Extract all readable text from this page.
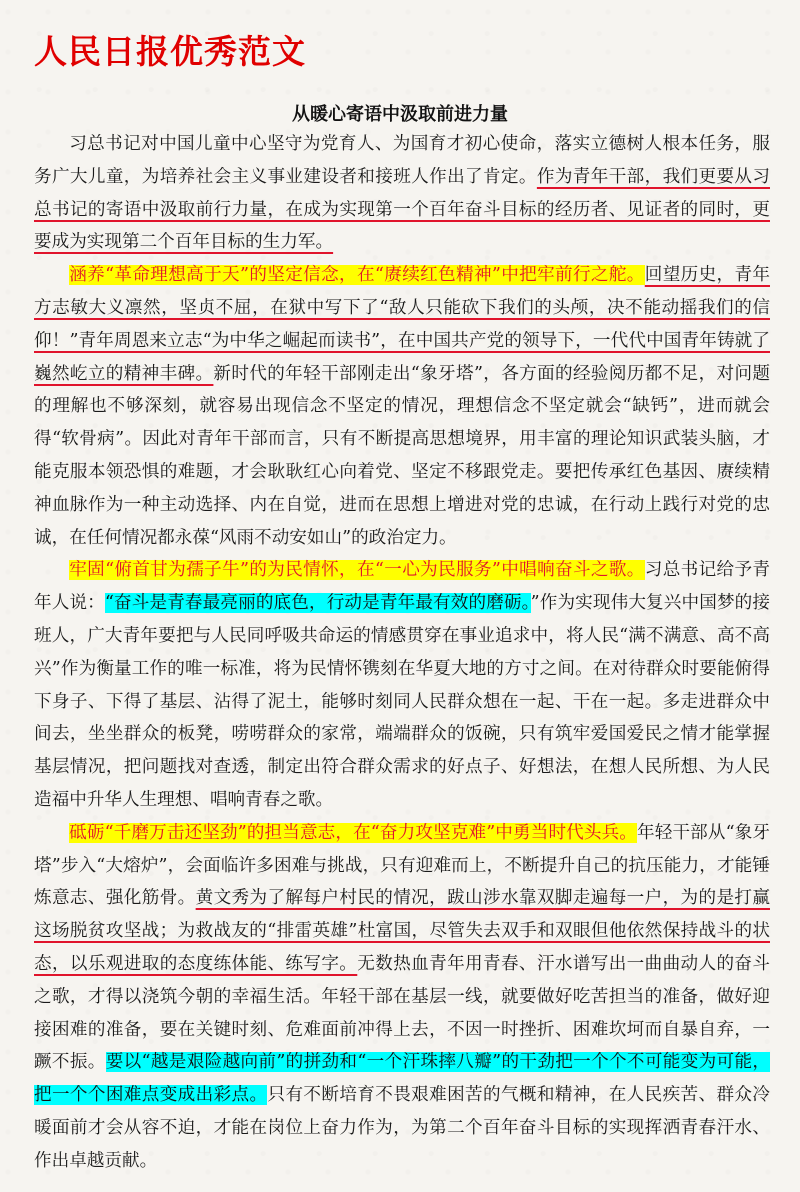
人民日报优秀范文
从暖心寄语中汲取前进力量

习总书记对中国儿童中心坚守为党育人、为国育才初心使命，落实立德树人根本任务，服务广大儿童，为培养社会主义事业建设者和接班人作出了肯定。作为青年干部，我们更要从习总书记的寄语中汲取前行力量，在成为实现第一个百年奋斗目标的经历者、见证者的同时，更要成为实现第二个百年目标的生力军。

涵养“革命理想高于天”的坚定信念，在“赓续红色精神”中把牢前行之舵。回望历史，青年方志敏大义凛然，坚贞不屈，在狱中写下了“敌人只能砍下我们的头颅，决不能动摇我们的信仰！”青年周恩来立志“为中华之崛起而读书”，在中国共产党的领导下，一代代中国青年铸就了巍然屹立的精神丰碑。新时代的年轻干部刚走出“象牙塔”，各方面的经验阅历都不足，对问题的理解也不够深刻，就容易出现信念不坚定的情况，理想信念不坚定就会“缺钙”，进而就会得“软骨病”。因此对青年干部而言，只有不断提高思想境界，用丰富的理论知识武装头脑，才能克服本领恐惧的难题，才会耿耿红心向着党、坚定不移跟党走。要把传承红色基因、赓续精神血脉作为一种主动选择、内在自觉，进而在思想上增进对党的忠诚，在行动上践行对党的忠诚，在任何情况都永葆“风雨不动安如山”的政治定力。

牢固“俯首甘为孺子牛”的为民情怀，在“一心为民服务”中唱响奋斗之歌。习总书记给予青年人说：“奋斗是青春最亮丽的底色，行动是青年最有效的磨砺。”作为实现伟大复兴中国梦的接班人，广大青年要把与人民同呼吸共命运的情感贯穿在事业追求中，将人民“满不满意、高不高兴”作为衡量工作的唯一标准，将为民情怀镌刻在华夏大地的方寸之间。在对待群众时要能俯得下身子、下得了基层、沾得了泥土，能够时刻同人民群众想在一起、干在一起。多走进群众中间去，坐坐群众的板凳，唠唠群众的家常，端端群众的饭碗，只有筑牢爱国爱民之情才能掌握基层情况，把问题找对查透，制定出符合群众需求的好点子、好想法，在想人民所想、为人民造福中升华人生理想、唱响青春之歌。

砥砺“千磨万击还坚劲”的担当意志，在“奋力攻坚克难”中勇当时代头兵。年轻干部从“象牙塔”步入“大熔炉”，会面临许多困难与挑战，只有迎难而上，不断提升自己的抗压能力，才能锤炼意志、强化筋骨。黄文秀为了解每户村民的情况，跋山涉水靠双脚走遍每一户，为的是打赢这场脱贫攻坚战；为救战友的“排雷英雄”杜富国，尽管失去双手和双眼但他依然保持战斗的状态，以乐观进取的态度练体能、练写字。无数热血青年用青春、汗水谱写出一曲曲动人的奋斗之歌，才得以浇筑今朝的幸福生活。年轻干部在基层一线，就要做好吃苦担当的准备，做好迎接困难的准备，要在关键时刻、危难面前冲得上去，不因一时挫折、困难坎坷而自暴自弃，一蹶不振。要以“越是艰险越向前”的拼劲和“一个汗珠摔八瓣”的干劲把一个个不可能变为可能，把一个个困难点变成出彩点。只有不断培育不畏艰难困苦的气概和精神，在人民疾苦、群众冷暖面前才会从容不迫，才能在岗位上奋力作为，为第二个百年奋斗目标的实现挥洒青春汗水、作出卓越贡献。
